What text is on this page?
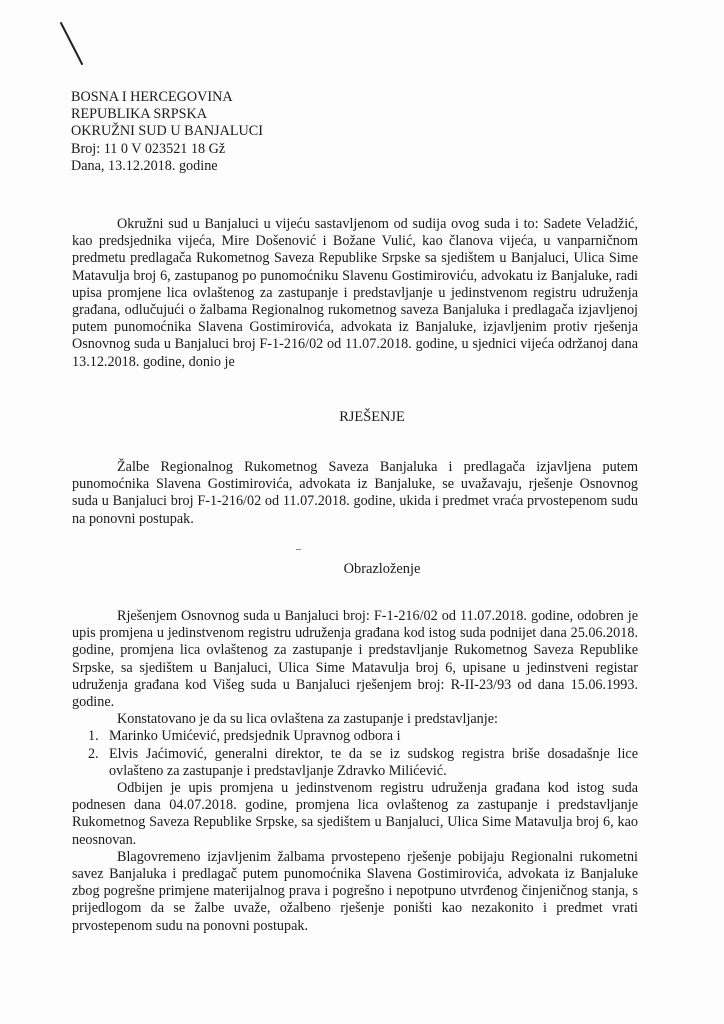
BOSNA I HERCEGOVINA
REPUBLIKA SRPSKA
OKRUŽNI SUD U BANJALUCI
Broj: 11 0 V 023521 18 Gž
Dana, 13.12.2018. godine
Okružni sud u Banjaluci u vijeću sastavljenom od sudija ovog suda i to: Sadete Veladžić, kao predsjednika vijeća, Mire Došenović i Božane Vulić, kao članova vijeća, u vanparničnom predmetu predlagača Rukometnog Saveza Republike Srpske sa sjedištem u Banjaluci, Ulica Sime Matavulja broj 6, zastupanog po punomoćniku Slavenu Gostimiroviću, advokatu iz Banjaluke, radi upisa promjene lica ovlaštenog za zastupanje i predstavljanje u jedinstvenom registru udruženja građana, odlučujući o žalbama Regionalnog rukometnog saveza Banjaluka i predlagača izjavljenoj putem punomoćnika Slavena Gostimirovića, advokata iz Banjaluke, izjavljenim protiv rješenja Osnovnog suda u Banjaluci broj F-1-216/02 od 11.07.2018. godine, u sjednici vijeća održanoj dana 13.12.2018. godine, donio je
RJEŠENJE
Žalbe Regionalnog Rukometnog Saveza Banjaluka i predlagača izjavljena putem punomoćnika Slavena Gostimirovića, advokata iz Banjaluke, se uvažavaju, rješenje Osnovnog suda u Banjaluci broj F-1-216/02 od 11.07.2018. godine, ukida i predmet vraća prvostepenom sudu na ponovni postupak.
Obrazloženje

Rješenjem Osnovnog suda u Banjaluci broj: F-1-216/02 od 11.07.2018. godine, odobren je upis promjena u jedinstvenom registru udruženja građana kod istog suda podnijet dana 25.06.2018. godine, promjena lica ovlaštenog za zastupanje i predstavljanje Rukometnog Saveza Republike Srpske, sa sjedištem u Banjaluci, Ulica Sime Matavulja broj 6, upisane u jedinstveni registar udruženja građana kod Višeg suda u Banjaluci rješenjem broj: R-II-23/93 od dana 15.06.1993. godine.

Konstatovano je da su lica ovlaštena za zastupanje i predstavljanje:

1. Marinko Umićević, predsjednik Upravnog odbora i
2. Elvis Jaćimović, generalni direktor, te da se iz sudskog registra briše dosadašnje lice ovlašteno za zastupanje i predstavljanje Zdravko Milićević.

Odbijen je upis promjena u jedinstvenom registru udruženja građana kod istog suda podnesen dana 04.07.2018. godine, promjena lica ovlaštenog za zastupanje i predstavljanje Rukometnog Saveza Republike Srpske, sa sjedištem u Banjaluci, Ulica Sime Matavulja broj 6, kao neosnovan.

Blagovremeno izjavljenim žalbama prvostepeno rješenje pobijaju Regionalni rukometni savez Banjaluka i predlagač putem punomoćnika Slavena Gostimirovića, advokata iz Banjaluke zbog pogrešne primjene materijalnog prava i pogrešno i nepotpuno utvrđenog činjeničnog stanja, s prijedlogom da se žalbe uvaže, ožalbeno rješenje poništi kao nezakonito i predmet vrati prvostepenom sudu na ponovni postupak.
